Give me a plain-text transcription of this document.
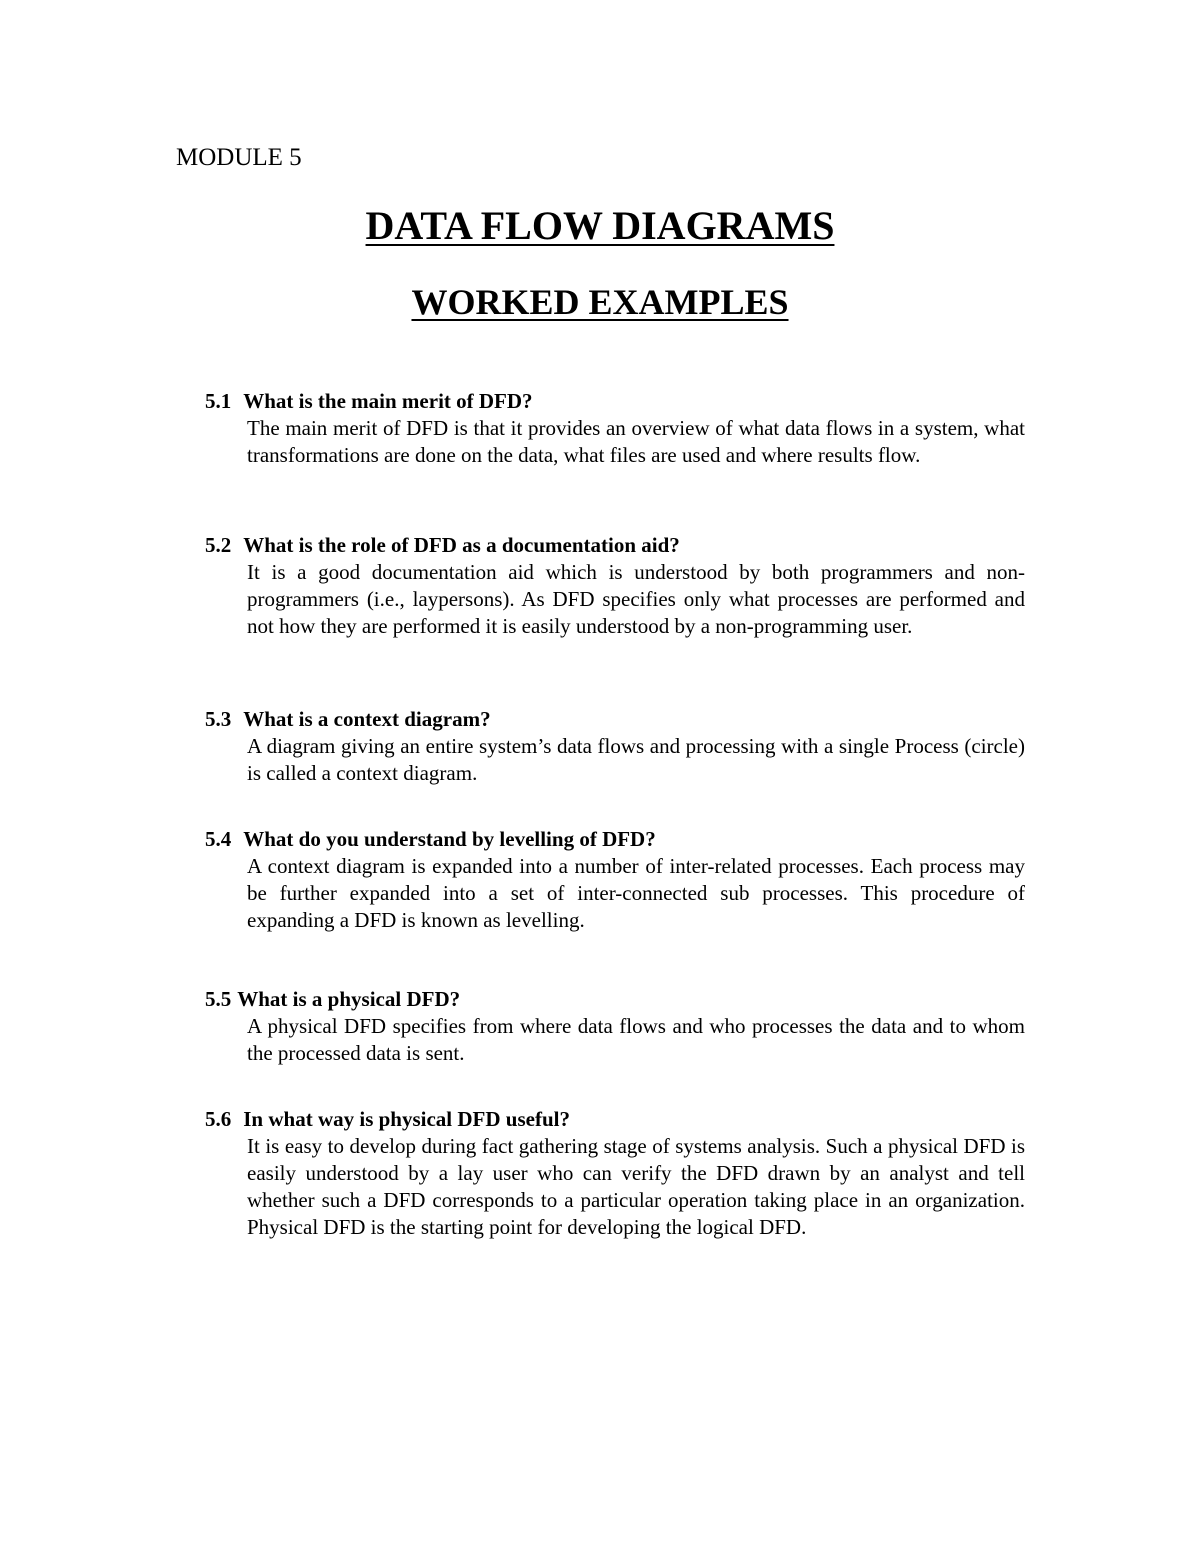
MODULE 5

DATA FLOW DIAGRAMS
WORKED EXAMPLES

5.1 What is the main merit of DFD?

The main merit of DFD is that it provides an overview of what data flows in a system, what transformations are done on the data, what files are used and where results flow.

5.2 What is the role of DFD as a documentation aid?

It is a good documentation aid which is understood by both programmers and non-programmers (i.e., laypersons). As DFD specifies only what processes are performed and not how they are performed it is easily understood by a non-programming user.

5.3 What is a context diagram?

A diagram giving an entire system’s data flows and processing with a single Process (circle) is called a context diagram.

5.4 What do you understand by levelling of DFD?

A context diagram is expanded into a number of inter-related processes. Each process may be further expanded into a set of inter-connected sub processes. This procedure of expanding a DFD is known as levelling.

5.5 What is a physical DFD?

A physical DFD specifies from where data flows and who processes the data and to whom the processed data is sent.

5.6 In what way is physical DFD useful?

It is easy to develop during fact gathering stage of systems analysis. Such a physical DFD is easily understood by a lay user who can verify the DFD drawn by an analyst and tell whether such a DFD corresponds to a particular operation taking place in an organization. Physical DFD is the starting point for developing the logical DFD.
